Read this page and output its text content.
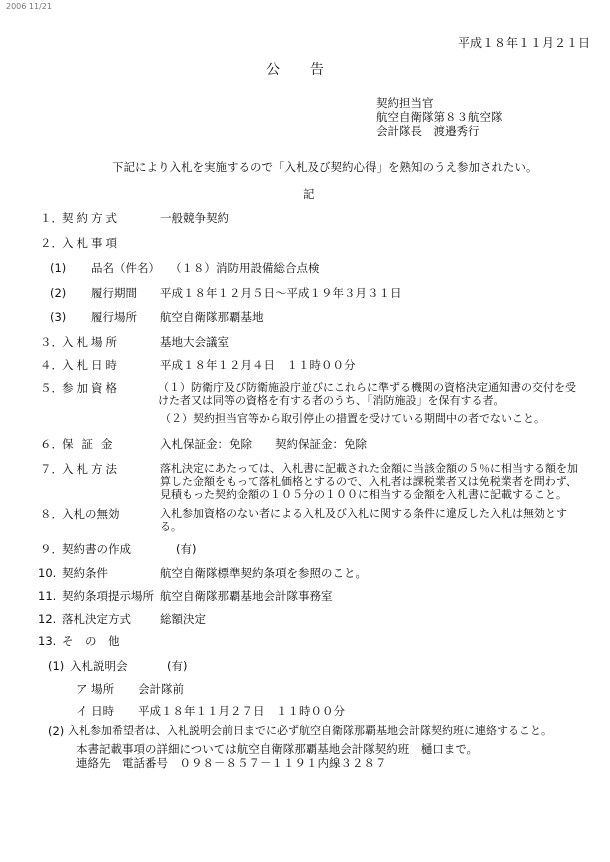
2006 11/21
平成１８年１１月２１日
公告
契約担当官
航空自衛隊第８３航空隊
会計隊長　渡邉秀行
下記により入札を実施するので「入札及び契約心得」を熟知のうえ参加されたい。
記
１． 契約方式	一般競争契約
２． 入札事項
(1) 品名（件名） （１８）消防用設備総合点検
(2) 履行期間 平成１８年１２月５日～平成１９年３月３１日
(3) 履行場所 航空自衛隊那覇基地
３． 入札場所	基地大会議室
４． 入札日時	平成１８年１２月４日　１１時００分
５． 参加資格	（１）防衛庁及び防衛施設庁並びにこれらに準ずる機関の資格決定通知書の交付を受けた者又は同等の資格を有する者のうち、「消防施設」を保有する者。
（２）契約担当官等から取引停止の措置を受けている期間中の者でないこと。
６． 保証金	入札保証金：免除　　契約保証金：免除
７． 入札方法	落札決定にあたっては、入札書に記載された金額に当該金額の５％に相当する額を加算した金額をもって落札価格とするので、入札者は課税業者又は免税業者を問わず、見積もった契約金額の１０５分の１００に相当する金額を入札書に記載すること。
８． 入札の無効	入札参加資格のない者による入札及び入札に関する条件に違反した入札は無効とする。
９． 契約書の作成	(有)
10. 契約条件	航空自衛隊標準契約条項を参照のこと。
11. 契約条項提示場所 航空自衛隊那覇基地会計隊事務室
12. 落札決定方式	総額決定
13. そ　の　他
(1) 入札説明会	(有)
ア 場所 会計隊前
イ 日時 平成１８年１１月２７日　１１時００分
(2) 入札参加希望者は、入札説明会前日までに必ず航空自衛隊那覇基地会計隊契約班に連絡すること。
本書記載事項の詳細については航空自衛隊那覇基地会計隊契約班　樋口まで。
連絡先　電話番号　０９８－８５７－１１９１内線３２８７
